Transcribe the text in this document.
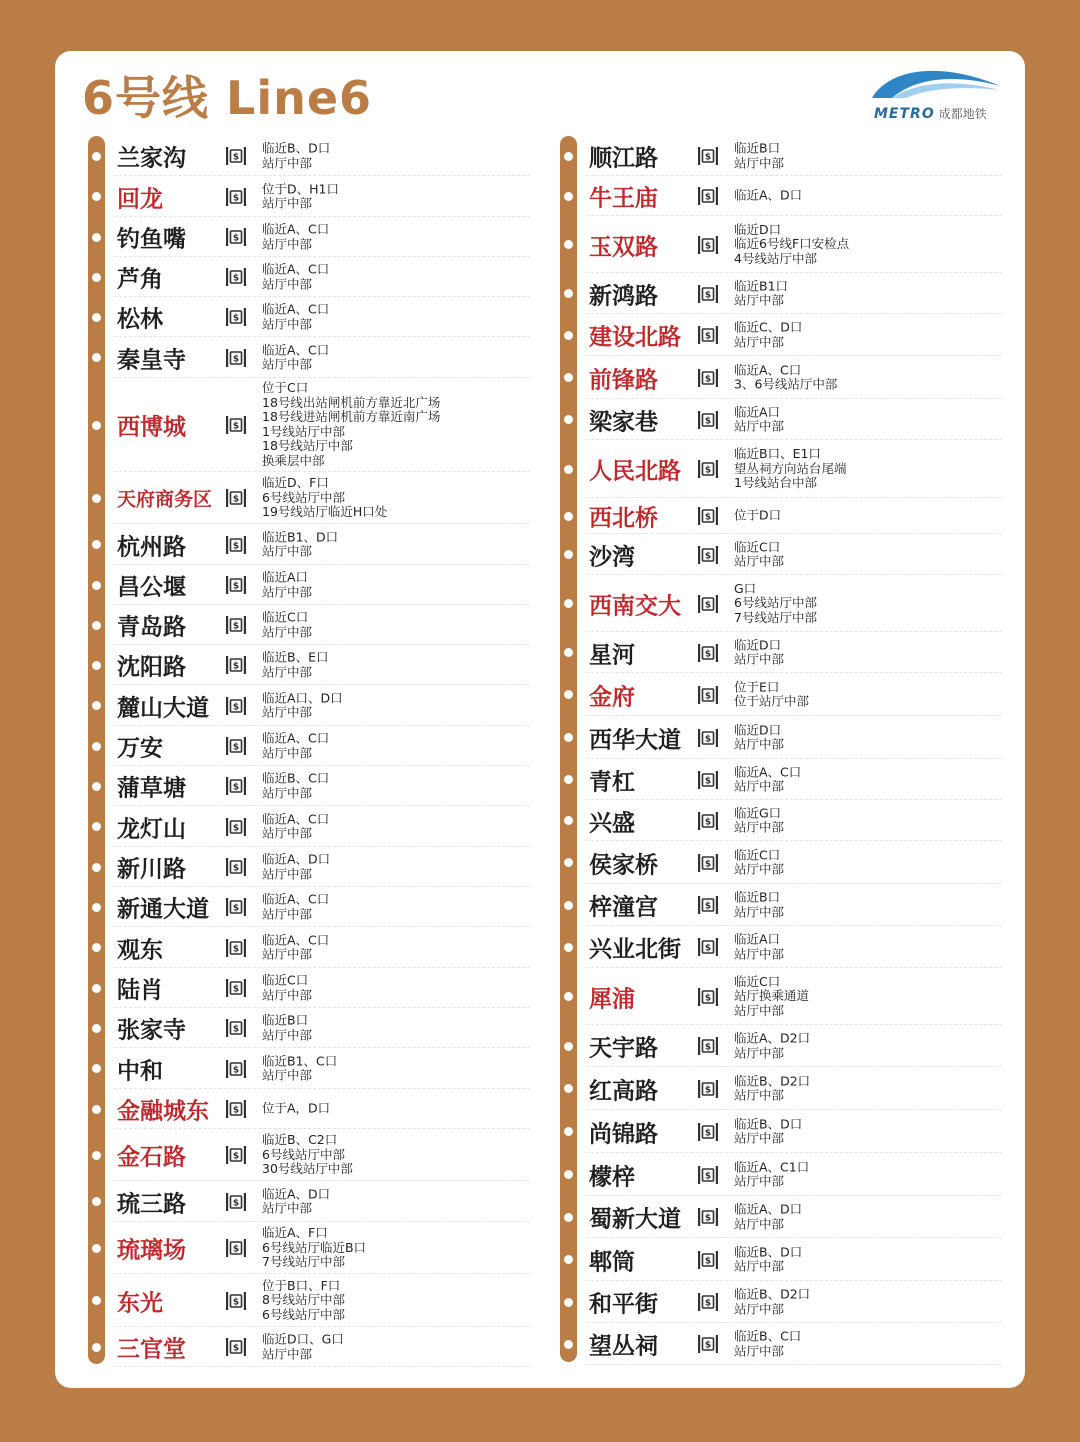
6号线 Line6	METRO 成都地铁
兰家沟	$
临近B、D口
站厅中部
回龙	$
位于D、H1口
站厅中部
钓鱼嘴	$
临近A、C口
站厅中部
芦角	$
临近A、C口
站厅中部
松林	$
临近A、C口
站厅中部
秦皇寺	$
临近A、C口
站厅中部
西博城	$
位于C口
18号线出站闸机前方靠近北广场
18号线进站闸机前方靠近南广场
1号线站厅中部
18号线站厅中部
换乘层中部
天府商务区 $
临近D、F口
6号线站厅中部
19号线站厅临近H口处
杭州路	$
临近B1、D口
站厅中部
昌公堰	$
临近A口
站厅中部
青岛路	$
临近C口
站厅中部
沈阳路	$
临近B、E口
站厅中部
麓山大道	$
临近A口、D口
站厅中部
万安	$
临近A、C口
站厅中部
蒲草塘	$
临近B、C口
站厅中部
龙灯山	$
临近A、C口
站厅中部
新川路	$
临近A、D口
站厅中部
新通大道	$
临近A、C口
站厅中部
观东	$
临近A、C口
站厅中部
陆肖	$
临近C口
站厅中部
张家寺	$
临近B口
站厅中部
中和	$
临近B1、C口
站厅中部
金融城东	$ 位于A，D口
金石路	$
临近B、C2口
6号线站厅中部
30号线站厅中部
琉三路	$
临近A、D口
站厅中部
琉璃场	$
临近A、F口
6号线站厅临近B口
7号线站厅中部
东光	$
位于B口、F口
8号线站厅中部
6号线站厅中部
三官堂	$
临近D口、G口
站厅中部
顺江路	$
临近B口
站厅中部
牛王庙	$ 临近A、D口
玉双路	$
临近D口
临近6号线F口安检点
4号线站厅中部
新鸿路	$
临近B1口
站厅中部
建设北路	$
临近C、D口
站厅中部
前锋路	$
临近A、C口
3、6号线站厅中部
梁家巷	$
临近A口
站厅中部
人民北路	$
临近B口、E1口
望丛祠方向站台尾端
1号线站台中部
西北桥	$ 位于D口
沙湾	$
临近C口
站厅中部
西南交大	$
G口
6号线站厅中部
7号线站厅中部
星河	$
临近D口
站厅中部
金府	$
位于E口
位于站厅中部
西华大道	$
临近D口
站厅中部
青杠	$
临近A、C口
站厅中部
兴盛	$
临近G口
站厅中部
侯家桥	$
临近C口
站厅中部
梓潼宫	$
临近B口
站厅中部
兴业北街	$
临近A口
站厅中部
犀浦	$
临近C口
站厅换乘通道
站厅中部
天宇路	$
临近A、D2口
站厅中部
红高路	$
临近B、D2口
站厅中部
尚锦路	$
临近B、D口
站厅中部
檬梓	$
临近A、C1口
站厅中部
蜀新大道	$
临近A、D口
站厅中部
郫筒	$
临近B、D口
站厅中部
和平街	$
临近B、D2口
站厅中部
望丛祠	$
临近B、C口
站厅中部
